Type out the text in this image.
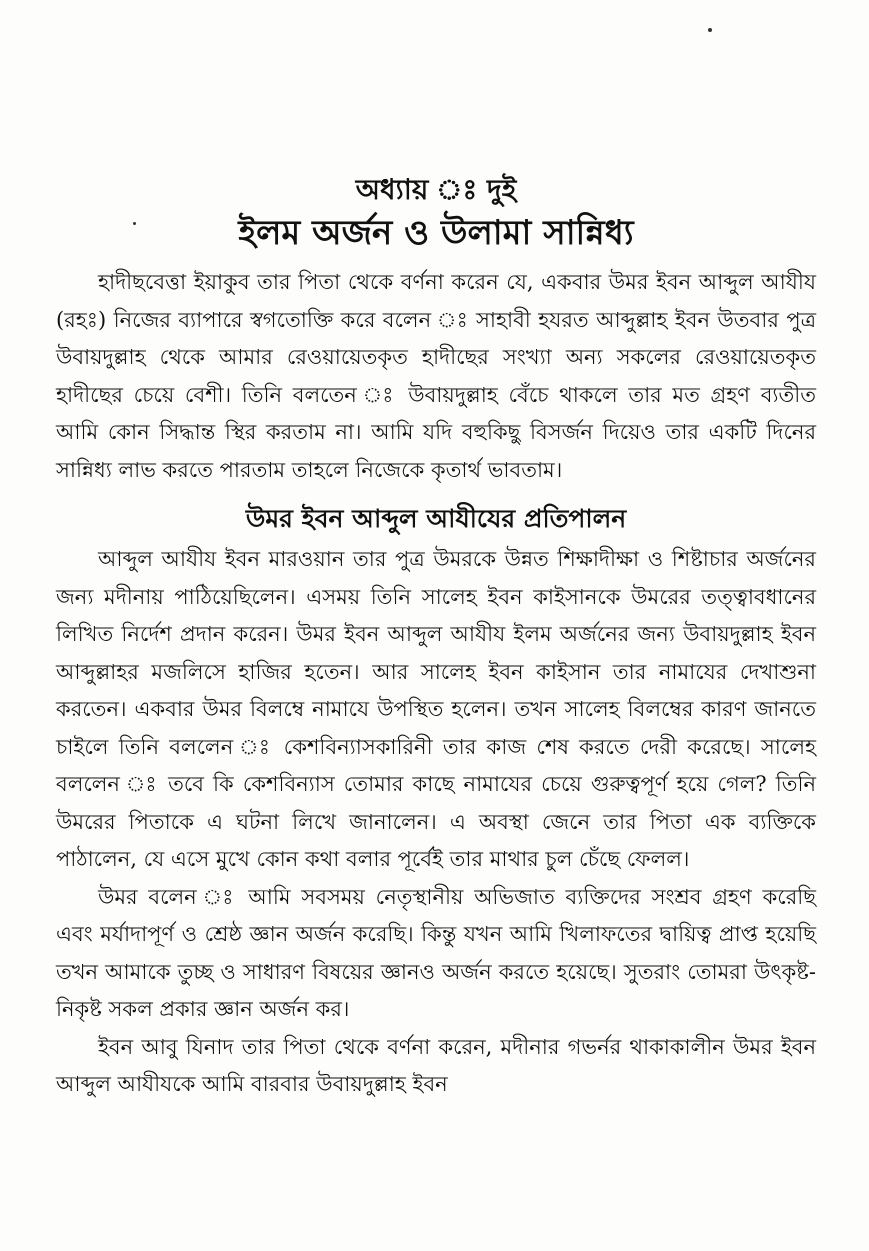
অধ্যায় ঃ দুই
ইলম অর্জন ও উলামা সান্নিধ্য

হাদীছবেত্তা ইয়াকুব তার পিতা থেকে বর্ণনা করেন যে, একবার উমর ইবন আব্দুল আযীয (রহঃ) নিজের ব্যাপারে স্বগতোক্তি করে বলেন ঃ সাহাবী হযরত আব্দুল্লাহ ইবন উতবার পুত্র উবায়দুল্লাহ থেকে আমার রেওয়ায়েতকৃত হাদীছের সংখ্যা অন্য সকলের রেওয়ায়েতকৃত হাদীছের চেয়ে বেশী। তিনি বলতেন ঃ উবায়দুল্লাহ বেঁচে থাকলে তার মত গ্রহণ ব্যতীত আমি কোন সিদ্ধান্ত স্থির করতাম না। আমি যদি বহুকিছু বিসর্জন দিয়েও তার একটি দিনের সান্নিধ্য লাভ করতে পারতাম তাহলে নিজেকে কৃতার্থ ভাবতাম।

উমর ইবন আব্দুল আযীযের প্রতিপালন

আব্দুল আযীয ইবন মারওয়ান তার পুত্র উমরকে উন্নত শিক্ষাদীক্ষা ও শিষ্টাচার অর্জনের জন্য মদীনায় পাঠিয়েছিলেন। এসময় তিনি সালেহ ইবন কাইসানকে উমরের তত্ত্বাবধানের লিখিত নির্দেশ প্রদান করেন। উমর ইবন আব্দুল আযীয ইলম অর্জনের জন্য উবায়দুল্লাহ ইবন আব্দুল্লাহর মজলিসে হাজির হতেন। আর সালেহ ইবন কাইসান তার নামাযের দেখাশুনা করতেন। একবার উমর বিলম্বে নামাযে উপস্থিত হলেন। তখন সালেহ বিলম্বের কারণ জানতে চাইলে তিনি বললেন ঃ কেশবিন্যাসকারিনী তার কাজ শেষ করতে দেরী করেছে। সালেহ বললেন ঃ তবে কি কেশবিন্যাস তোমার কাছে নামাযের চেয়ে গুরুত্বপূর্ণ হয়ে গেল? তিনি উমরের পিতাকে এ ঘটনা লিখে জানালেন। এ অবস্থা জেনে তার পিতা এক ব্যক্তিকে পাঠালেন, যে এসে মুখে কোন কথা বলার পূর্বেই তার মাথার চুল চেঁছে ফেলল।

উমর বলেন ঃ আমি সবসময় নেতৃস্থানীয় অভিজাত ব্যক্তিদের সংশ্রব গ্রহণ করেছি এবং মর্যাদাপূর্ণ ও শ্রেষ্ঠ জ্ঞান অর্জন করেছি। কিন্তু যখন আমি খিলাফতের দ্বায়িত্ব প্রাপ্ত হয়েছি তখন আমাকে তুচ্ছ ও সাধারণ বিষয়ের জ্ঞানও অর্জন করতে হয়েছে। সুতরাং তোমরা উৎকৃষ্ট-নিকৃষ্ট সকল প্রকার জ্ঞান অর্জন কর।

ইবন আবু যিনাদ তার পিতা থেকে বর্ণনা করেন, মদীনার গভর্নর থাকাকালীন উমর ইবন আব্দুল আযীযকে আমি বারবার উবায়দুল্লাহ ইবন
